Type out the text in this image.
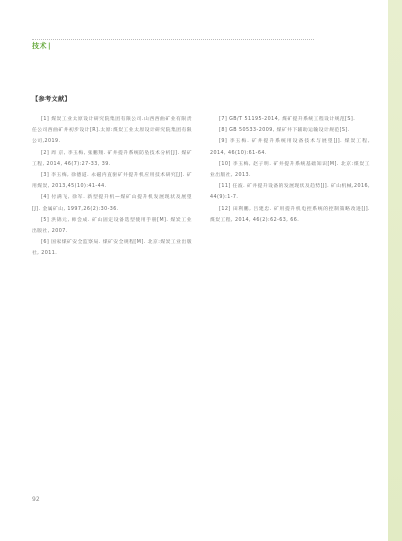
技术|
【参考文献】

[1] 煤炭工业太原设计研究院集团有限公司.山西西曲矿业有限责任公司西曲矿井初步设计[R].太原:煤炭工业太原设计研究院集团有限公司,2019.

[2] 周 京, 李玉梅, 张鹏翔. 矿井提升系统防坠技术分析[J]. 煤矿工程, 2014, 46(7):27-33, 39.

[3] 李玉梅, 徐德道. 永磁内直驱矿井提升机应用技术研究[J]. 矿用煤炭, 2013,45(10):41-44.

[4] 付满飞, 徐军. 新型提升机—煤矿山提升机发展现状及展望[J]. 金属矿山, 1997,26(2):30-36.

[5] 洪锦元, 师会成. 矿山固定设备选型使用手册[M]. 煤炭工业出版社, 2007.

[6] 国家煤矿安全监察局. 煤矿安全规程[M]. 北京:煤炭工业出版社, 2011.

[7] GB/T 51195-2014, 煤矿提升系统工程设计规范[S].

[8] GB 50533-2009, 煤矿井下辅助运输设计规范[S].

[9] 李玉梅. 矿井提升系统用设备技术与展望[J]. 煤炭工程, 2014, 46(10):61-64.

[10] 李玉梅, 赵子明. 矿井提升系统基础知识[M]. 北京:煤炭工业出版社, 2013.

[11] 任波. 矿井提升设备的发展现状及趋势[J]. 矿山机械,2016, 44(9):1-7.

[12] 田利鹏, 吕建忠. 矿用提升机电控系统的控制策略改进[J]. 煤炭工程, 2014, 46(2):62-63, 66.

92
